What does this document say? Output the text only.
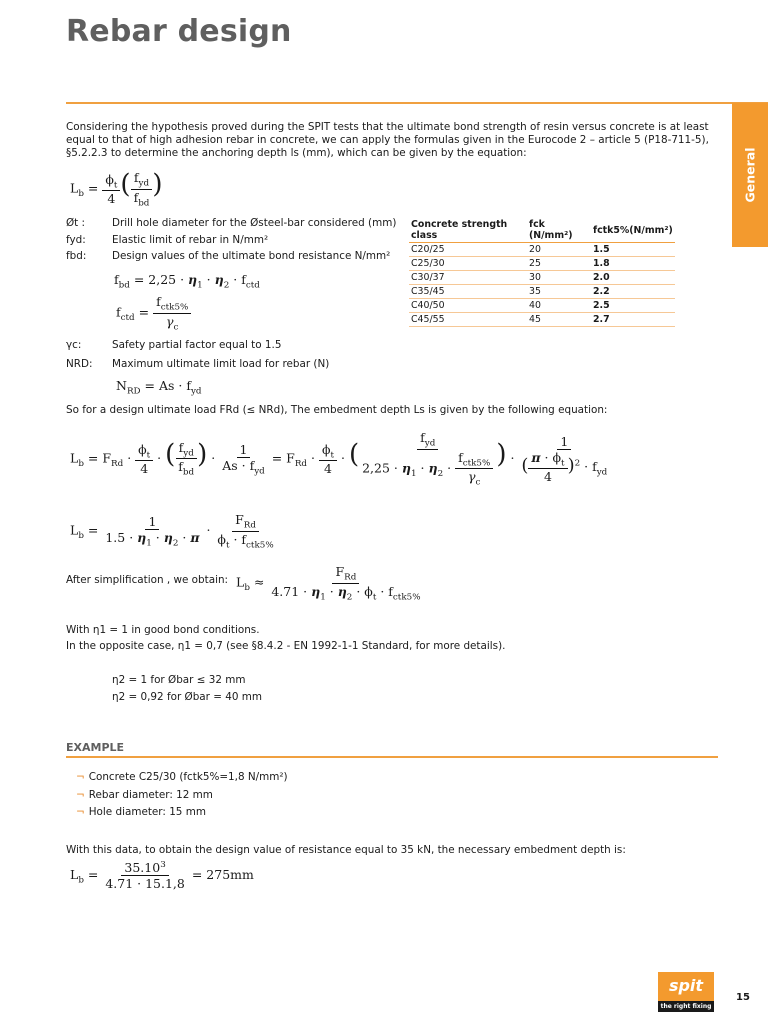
Rebar design
General
Considering the hypothesis proved during the SPIT tests that the ultimate bond strength of resin versus concrete is at least equal to that of high adhesion rebar in concrete, we can apply the formulas given in the Eurocode 2 – article 5 (P18-711-5), §5.2.2.3 to determine the anchoring depth ls (mm), which can be given by the equation:
$L_b = \frac{\phi_t}{4}$ ( $\frac{f_{yd}}{f_{bd}}$ )
Øt :	Drill hole diameter for the Østeel-bar considered (mm)
fyd:	Elastic limit of rebar in N/mm²
fbd: Design values of the ultimate bond resistance N/mm²
$f_{bd} = 2,25 \cdot \eta_1 \cdot \eta_2 \cdot f_{ctd}$
$f_{ctd} = \frac{f_{ctk5\%}}{\gamma_c}$
Concrete strength class	fck (N/mm²)	fctk5%(N/mm²)
C20/25	20	1.5
C25/30	25	1.8
C30/37	30	2.0
C35/45	35	2.2
C40/50	40	2.5
C45/55	45	2.7
γc:	Safety partial factor equal to 1.5
NRD: Maximum ultimate limit load for rebar (N)
$N_{RD} = As \cdot f_{yd}$
So for a design ultimate load FRd (≤ NRd), The embedment depth Ls is given by the following equation:
$L_b = F_{Rd} \cdot \frac{\phi_t}{4}$ · ( $\frac{f_{yd}}{f_{bd}}$ ) · $\frac{1}{As \cdot f_{yd}} = F_{Rd} \cdot \frac{\phi_t}{4}$ · ( $\frac{f_{yd}}{2,25 \cdot \eta_1 \cdot \eta_2 \cdot \frac{f_{ctk5\%}}{\gamma_c}}$ ) · $\frac{1}{( \frac{\pi \cdot \phi_t}{4} )^2 \cdot f_{yd}}$
$L_b = \frac{1}{1.5 \cdot \eta_1 \cdot \eta_2 \cdot \pi} \cdot \frac{F_{Rd}}{\phi_t \cdot f_{ctk5\%}}$
After simplification , we obtain: $L_b \approx \frac{F_{Rd}}{4.71 \cdot \eta_1 \cdot \eta_2 \cdot \phi_t \cdot f_{ctk5\%}}$
With η1 = 1 in good bond conditions.
In the opposite case, η1 = 0,7 (see §8.4.2 - EN 1992-1-1 Standard, for more details).
η2 = 1 for Øbar ≤ 32 mm
η2 = 0,92 for Øbar = 40 mm
EXAMPLE
¬ Concrete C25/30 (fctk5%=1,8 N/mm²)
¬ Rebar diameter: 12 mm
¬ Hole diameter: 15 mm
With this data, to obtain the design value of resistance equal to 35 kN, the necessary embedment depth is:
$L_b = \frac{35.10^3}{4.71 \cdot 15.1,8} = 275mm$
spit
the right fixing
15
